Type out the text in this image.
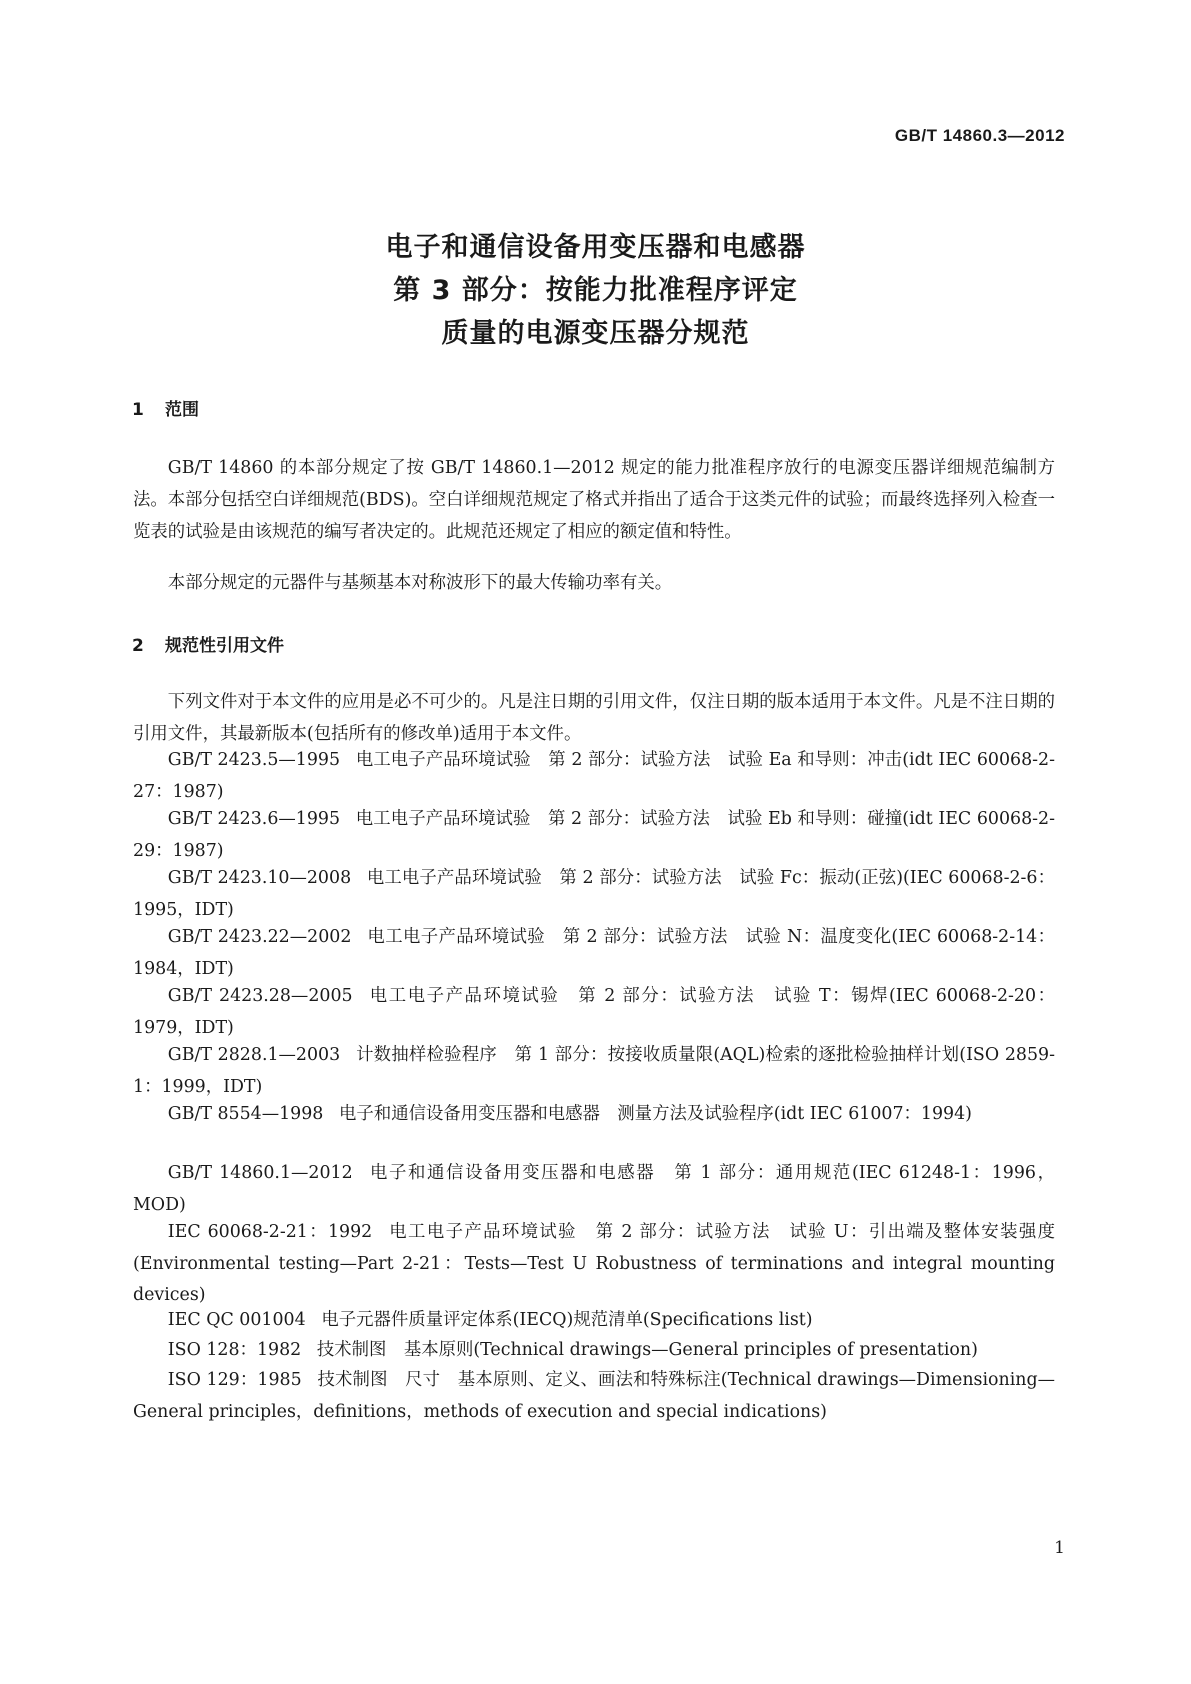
GB/T 14860.3—2012
电子和通信设备用变压器和电感器
第 3 部分：按能力批准程序评定
质量的电源变压器分规范
1 范围
GB/T 14860 的本部分规定了按 GB/T 14860.1—2012 规定的能力批准程序放行的电源变压器详细规范编制方法。本部分包括空白详细规范(BDS)。空白详细规范规定了格式并指出了适合于这类元件的试验；而最终选择列入检查一览表的试验是由该规范的编写者决定的。此规范还规定了相应的额定值和特性。
本部分规定的元器件与基频基本对称波形下的最大传输功率有关。
2 规范性引用文件
下列文件对于本文件的应用是必不可少的。凡是注日期的引用文件，仅注日期的版本适用于本文件。凡是不注日期的引用文件，其最新版本(包括所有的修改单)适用于本文件。
GB/T 2423.5—1995 电工电子产品环境试验　第 2 部分：试验方法　试验 Ea 和导则：冲击(idt IEC 60068-2-27：1987)
GB/T 2423.6—1995 电工电子产品环境试验　第 2 部分：试验方法　试验 Eb 和导则：碰撞(idt IEC 60068-2-29：1987)
GB/T 2423.10—2008 电工电子产品环境试验　第 2 部分：试验方法　试验 Fc：振动(正弦)(IEC 60068-2-6：1995，IDT)
GB/T 2423.22—2002 电工电子产品环境试验　第 2 部分：试验方法　试验 N：温度变化(IEC 60068-2-14：1984，IDT)
GB/T 2423.28—2005 电工电子产品环境试验　第 2 部分：试验方法　试验 T：锡焊(IEC 60068-2-20：1979，IDT)
GB/T 2828.1—2003 计数抽样检验程序　第 1 部分：按接收质量限(AQL)检索的逐批检验抽样计划(ISO 2859-1：1999，IDT)
GB/T 8554—1998 电子和通信设备用变压器和电感器　测量方法及试验程序(idt IEC 61007：1994)
GB/T 14860.1—2012 电子和通信设备用变压器和电感器　第 1 部分：通用规范(IEC 61248-1：1996，MOD)
IEC 60068-2-21：1992 电工电子产品环境试验　第 2 部分：试验方法　试验 U：引出端及整体安装强度(Environmental testing—Part 2-21：Tests—Test U Robustness of terminations and integral mounting devices)
IEC QC 001004 电子元器件质量评定体系(IECQ)规范清单(Specifications list)
ISO 128：1982 技术制图　基本原则(Technical drawings—General principles of presentation)
ISO 129：1985 技术制图　尺寸　基本原则、定义、画法和特殊标注(Technical drawings—Dimensioning—General principles，definitions，methods of execution and special indications)
1
